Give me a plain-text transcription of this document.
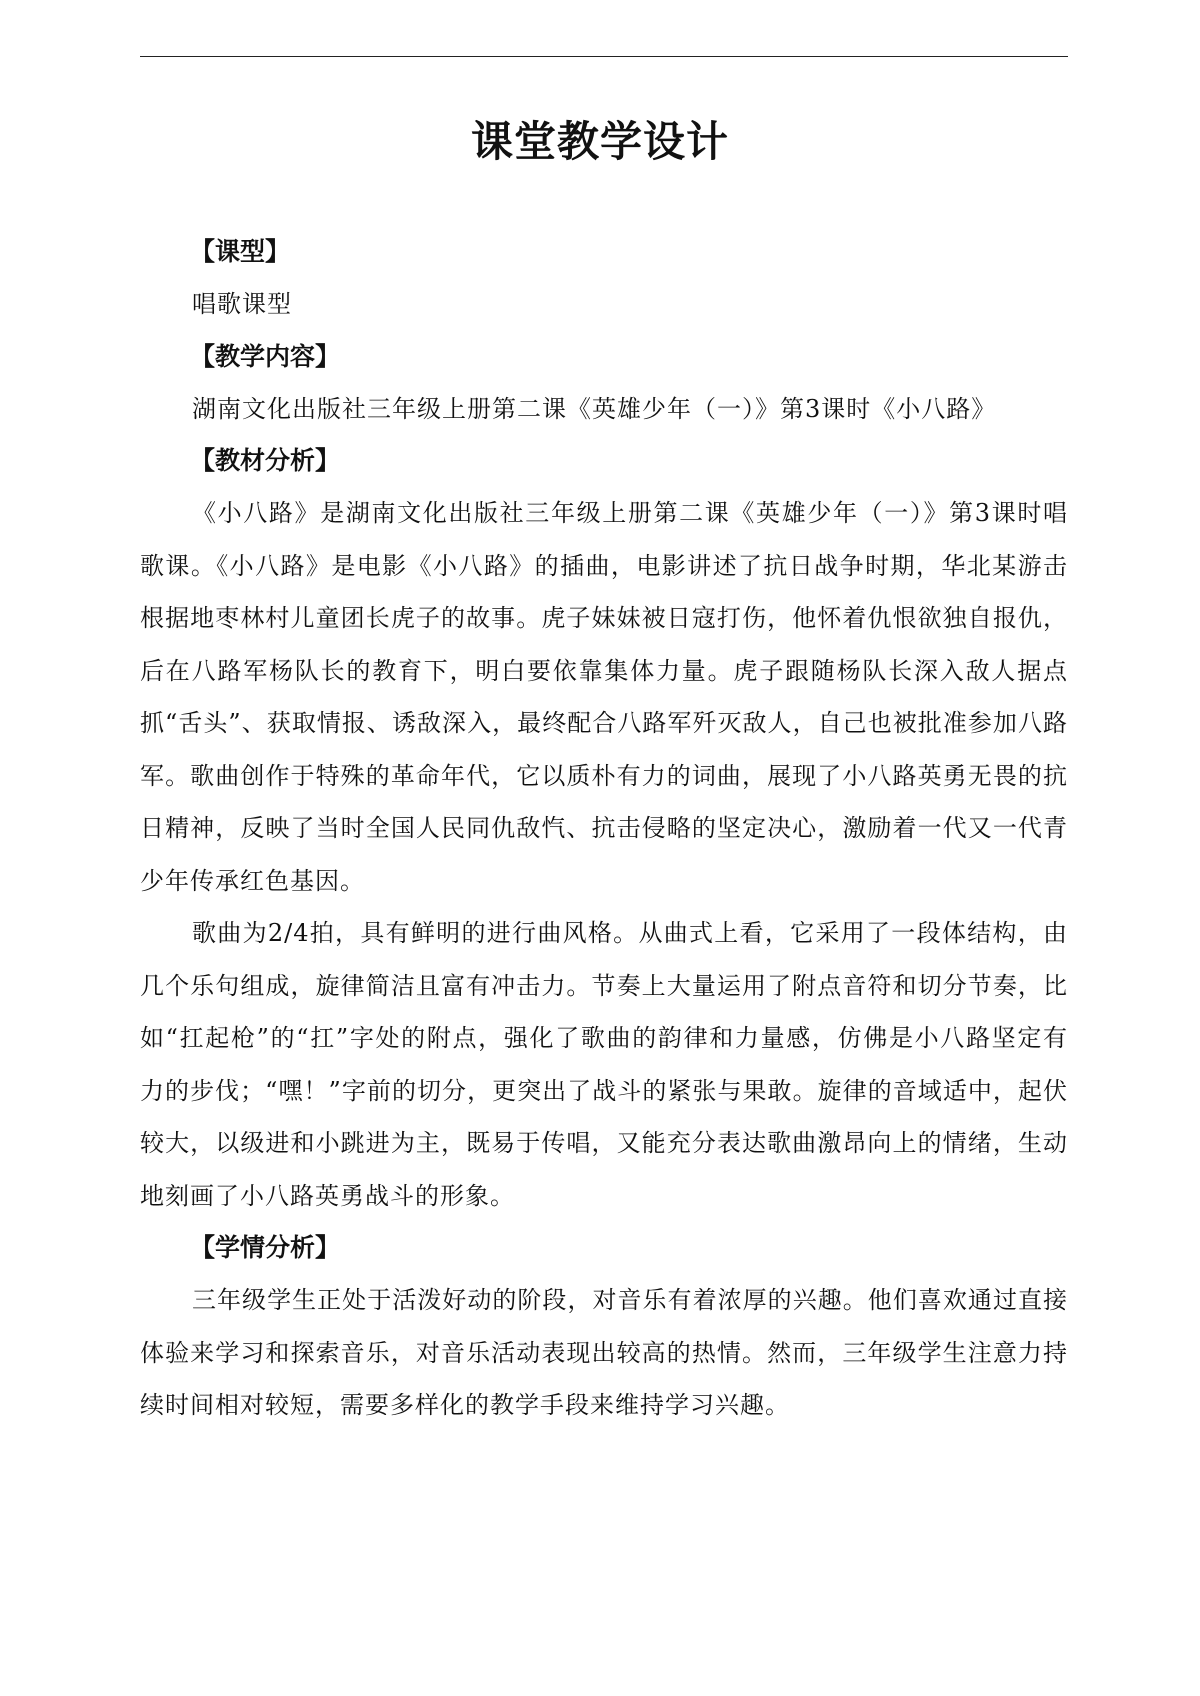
课堂教学设计
【课型】

唱歌课型

【教学内容】

湖南文化出版社三年级上册第二课《英雄少年（一）》第3课时《小八路》

【教材分析】

《小八路》是湖南文化出版社三年级上册第二课《英雄少年（一）》第3课时唱歌课。《小八路》是电影《小八路》的插曲，电影讲述了抗日战争时期，华北某游击根据地枣林村儿童团长虎子的故事。虎子妹妹被日寇打伤，他怀着仇恨欲独自报仇，后在八路军杨队长的教育下，明白要依靠集体力量。虎子跟随杨队长深入敌人据点抓“舌头”、获取情报、诱敌深入，最终配合八路军歼灭敌人，自己也被批准参加八路军。歌曲创作于特殊的革命年代，它以质朴有力的词曲，展现了小八路英勇无畏的抗日精神，反映了当时全国人民同仇敌忾、抗击侵略的坚定决心，激励着一代又一代青少年传承红色基因。

歌曲为2/4拍，具有鲜明的进行曲风格。从曲式上看，它采用了一段体结构，由几个乐句组成，旋律简洁且富有冲击力。节奏上大量运用了附点音符和切分节奏，比如“扛起枪”的“扛”字处的附点，强化了歌曲的韵律和力量感，仿佛是小八路坚定有力的步伐；“嘿！”字前的切分，更突出了战斗的紧张与果敢。旋律的音域适中，起伏较大，以级进和小跳进为主，既易于传唱，又能充分表达歌曲激昂向上的情绪，生动地刻画了小八路英勇战斗的形象。

【学情分析】

三年级学生正处于活泼好动的阶段，对音乐有着浓厚的兴趣。他们喜欢通过直接体验来学习和探索音乐，对音乐活动表现出较高的热情。然而，三年级学生注意力持续时间相对较短，需要多样化的教学手段来维持学习兴趣。
